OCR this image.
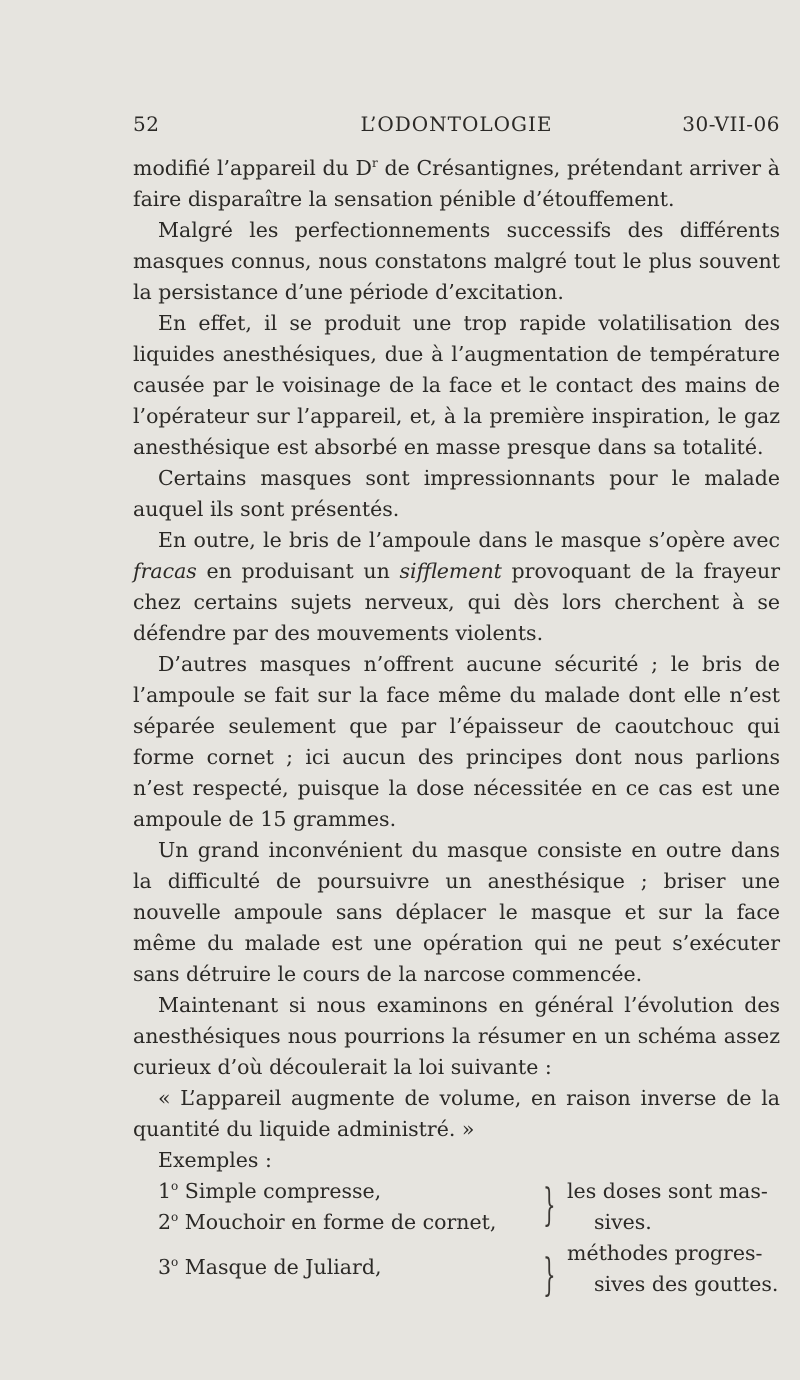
52	L’ODONTOLOGIE	30-VII-06

modifié l’appareil du $D^r$ de Crésantignes, prétendant arriver à faire disparaître la sensation pénible d’étouffement.

Malgré les perfectionnements successifs des différents masques connus, nous constatons malgré tout le plus souvent la persistance d’une période d’excitation.

En effet, il se produit une trop rapide volatilisation des liquides anesthésiques, due à l’augmentation de température causée par le voisinage de la face et le contact des mains de l’opérateur sur l’appareil, et, à la première inspiration, le gaz anesthésique est absorbé en masse presque dans sa totalité.

Certains masques sont impressionnants pour le malade auquel ils sont présentés.

En outre, le bris de l’ampoule dans le masque s’opère avec fracas en produisant un sifflement provoquant de la frayeur chez certains sujets nerveux, qui dès lors cherchent à se défendre par des mouvements violents.

D’autres masques n’offrent aucune sécurité ; le bris de l’ampoule se fait sur la face même du malade dont elle n’est séparée seulement que par l’épaisseur de caoutchouc qui forme cornet ; ici aucun des principes dont nous parlions n’est respecté, puisque la dose nécessitée en ce cas est une ampoule de 15 grammes.

Un grand inconvénient du masque consiste en outre dans la difficulté de poursuivre un anesthésique ; briser une nouvelle ampoule sans déplacer le masque et sur la face même du malade est une opération qui ne peut s’exécuter sans détruire le cours de la narcose commencée.

Maintenant si nous examinons en général l’évolution des anesthésiques nous pourrions la résumer en un schéma assez curieux d’où découlerait la loi suivante :

« L’appareil augmente de volume, en raison inverse de la quantité du liquide administré. »

Exemples :

1$^o$ Simple compresse,
2$^o$ Mouchoir en forme de cornet,
3$^o$ Masque de Juliard,
}
}
les doses sont mas-
sives.
méthodes progres-
sives des gouttes.
